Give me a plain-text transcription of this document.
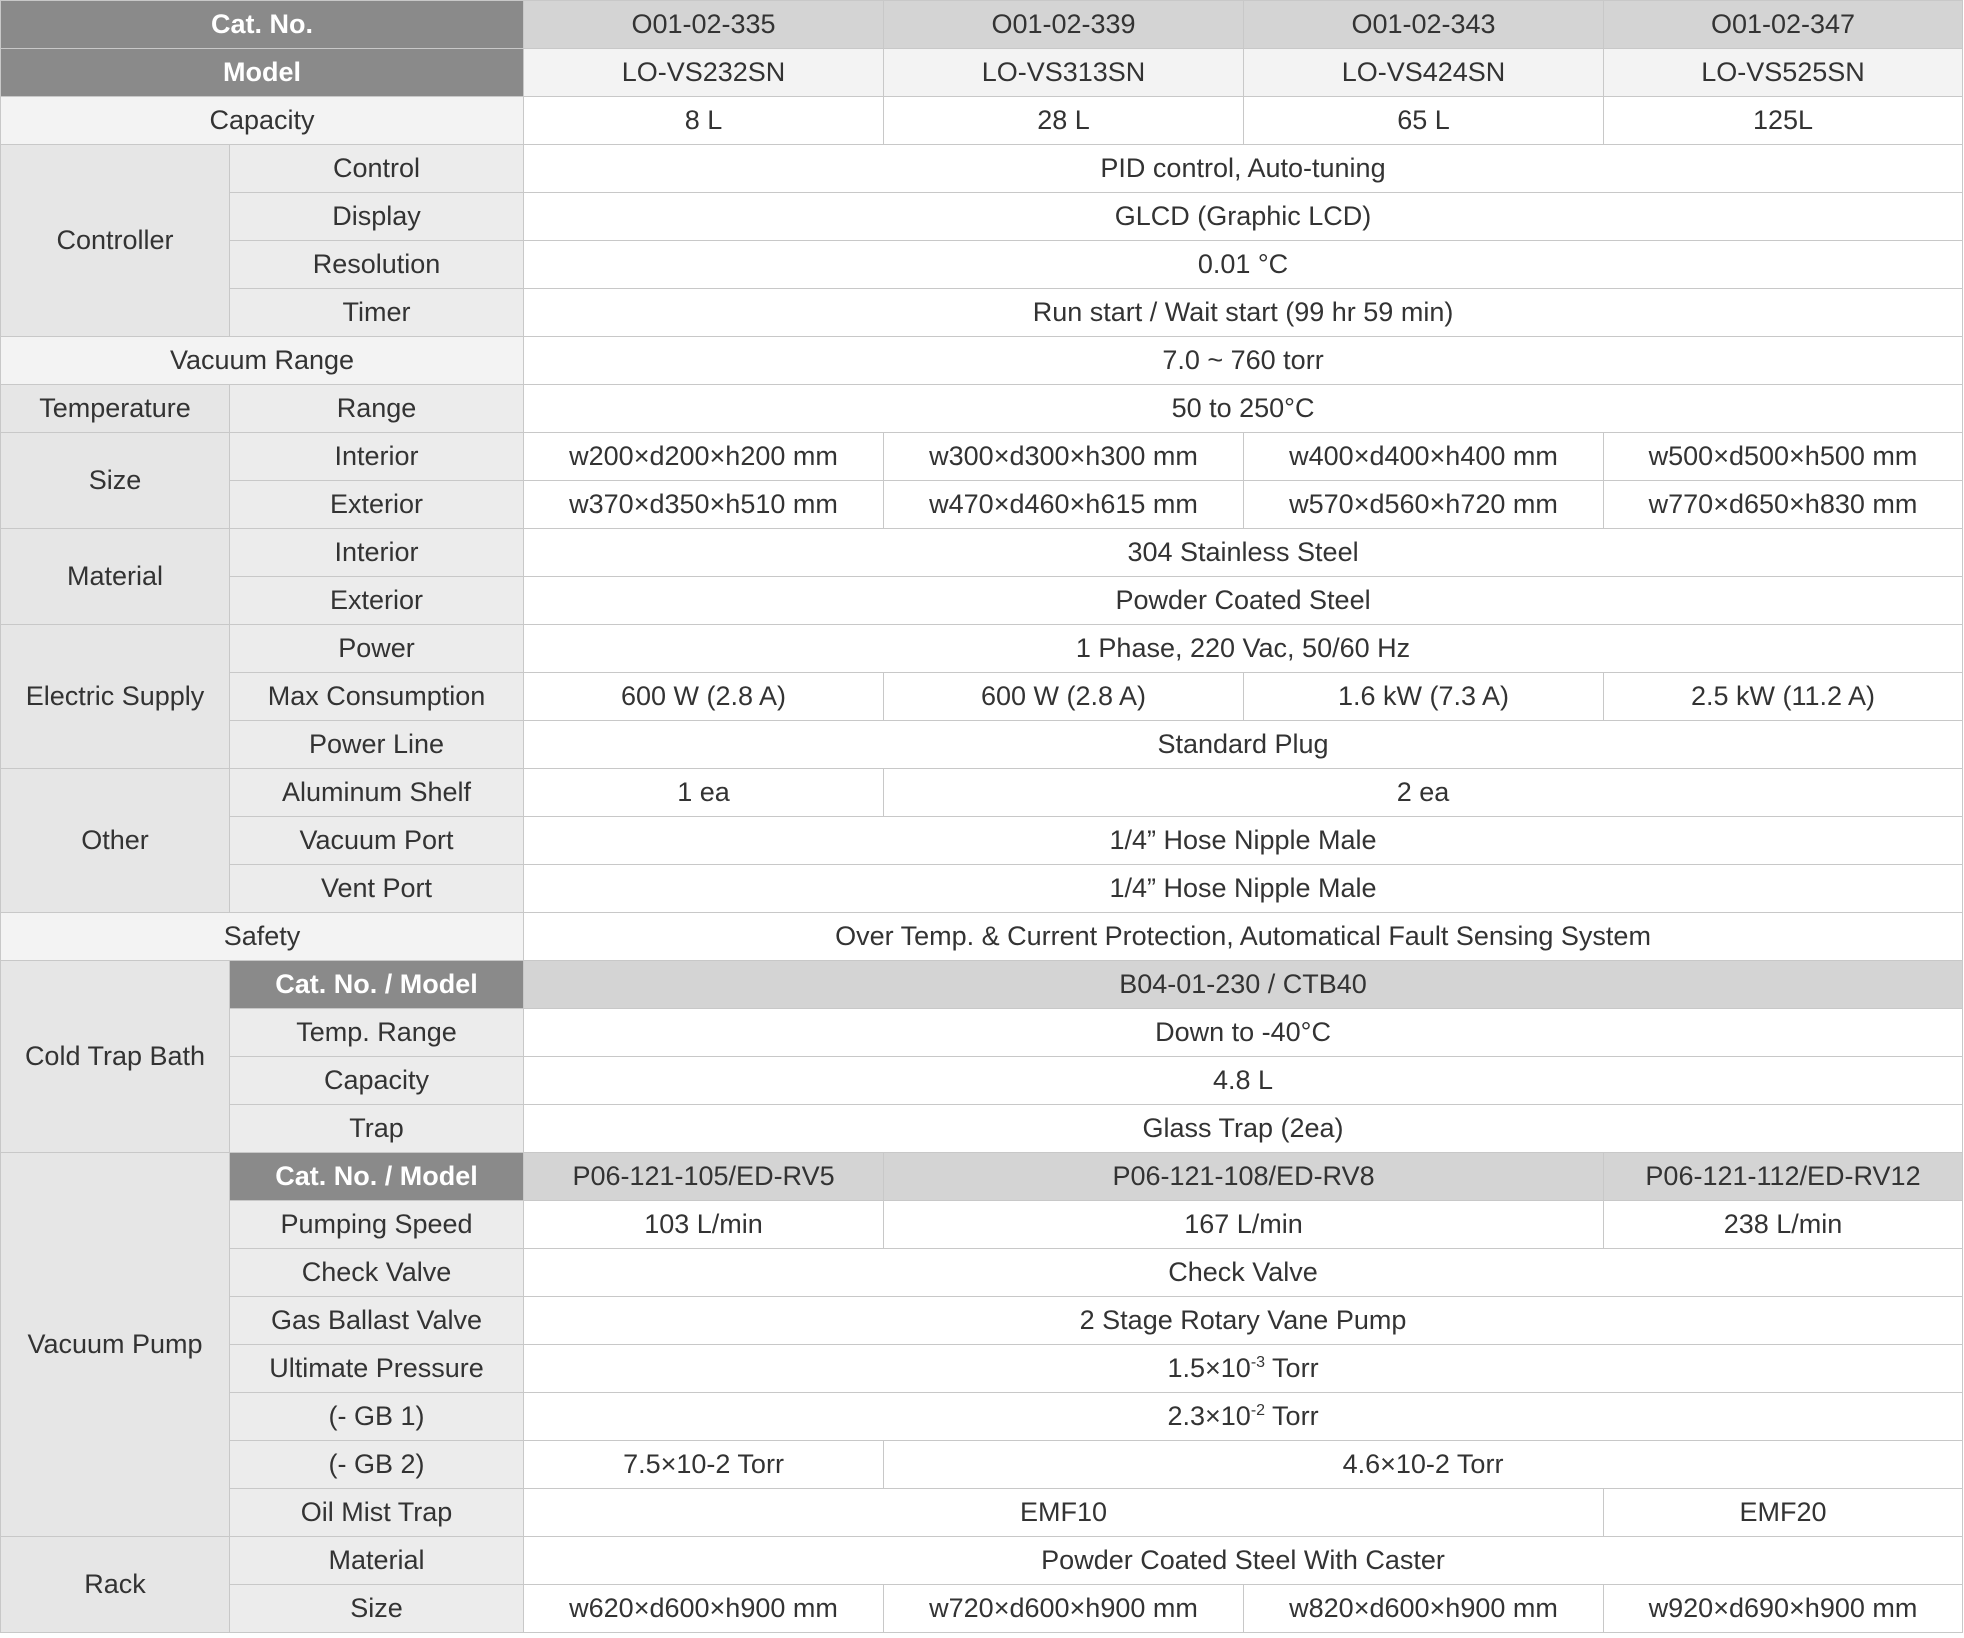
Cat. No.		O01-02-335	O01-02-339	O01-02-343	O01-02-347
Model		LO-VS232SN	LO-VS313SN	LO-VS424SN	LO-VS525SN
Capacity		8 L	28 L	65 L	125L
Controller	Control	PID control, Auto-tuning			
	Display	GLCD (Graphic LCD)			
	Resolution	0.01 °C			
	Timer	Run start / Wait start (99 hr 59 min)			
Vacuum Range		7.0 ~ 760 torr			
Temperature	Range	50 to 250°C			
Size	Interior	w200×d200×h200 mm	w300×d300×h300 mm	w400×d400×h400 mm	w500×d500×h500 mm
	Exterior	w370×d350×h510 mm	w470×d460×h615 mm	w570×d560×h720 mm	w770×d650×h830 mm
Material	Interior	304 Stainless Steel			
	Exterior	Powder Coated Steel			
Electric Supply	Power	1 Phase, 220 Vac, 50/60 Hz			
	Max Consumption	600 W (2.8 A)	600 W (2.8 A)	1.6 kW (7.3 A)	2.5 kW (11.2 A)
	Power Line	Standard Plug			
Other	Aluminum Shelf	1 ea	2 ea		
	Vacuum Port	1/4” Hose Nipple Male			
	Vent Port	1/4” Hose Nipple Male			
Safety		Over Temp. & Current Protection, Automatical Fault Sensing System			
Cold Trap Bath	Cat. No. / Model	B04-01-230 / CTB40			
	Temp. Range	Down to -40°C			
	Capacity	4.8 L			
	Trap	Glass Trap (2ea)			
Vacuum Pump	Cat. No. / Model	P06-121-105/ED-RV5	P06-121-108/ED-RV8		P06-121-112/ED-RV12
	Pumping Speed	103 L/min	167 L/min		238 L/min
	Check Valve	Check Valve			
	Gas Ballast Valve	2 Stage Rotary Vane Pump			
	Ultimate Pressure	$1.5\times 10^{-3}$ Torr			
	(- GB 1)	$2.3\times 10^{-2}$ Torr			
	(- GB 2)	7.5×10-2 Torr	4.6×10-2 Torr		
	Oil Mist Trap	EMF10			EMF20
Rack	Material	Powder Coated Steel With Caster			
	Size	w620×d600×h900 mm	w720×d600×h900 mm	w820×d600×h900 mm	w920×d690×h900 mm
